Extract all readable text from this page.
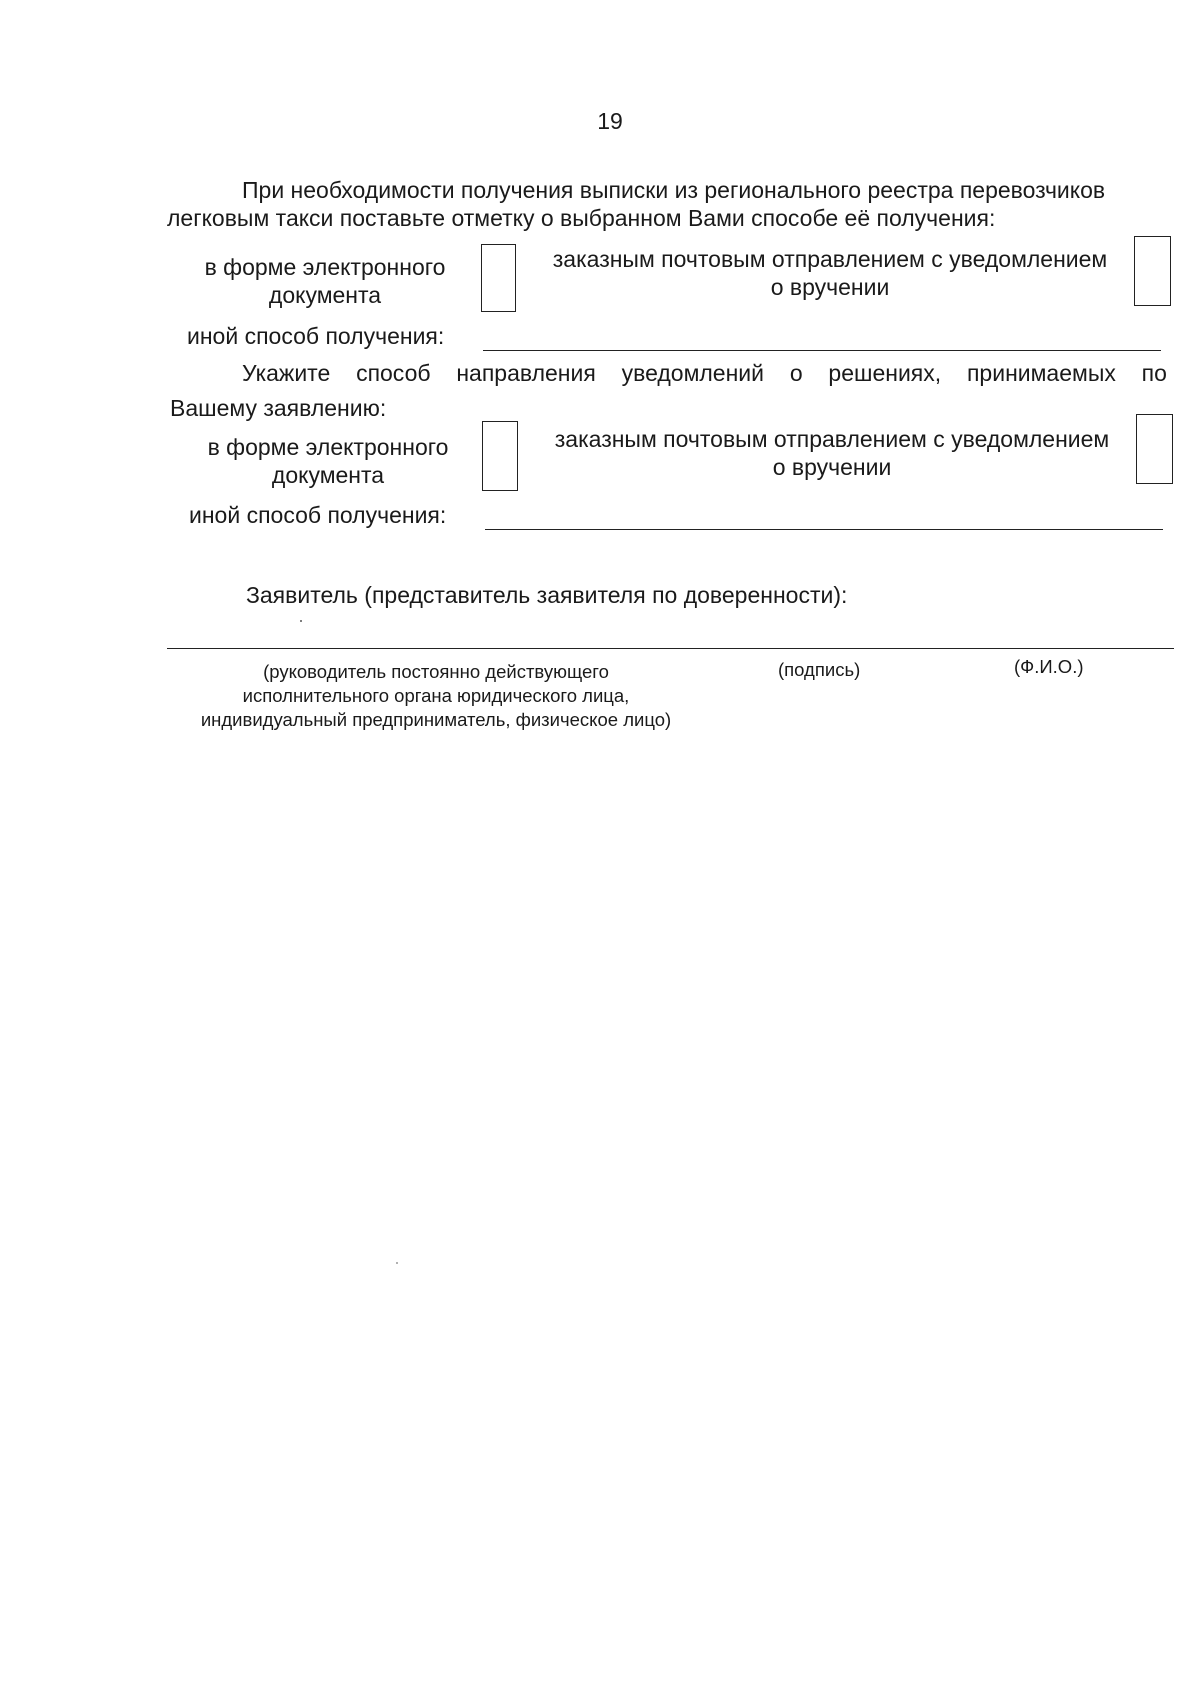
19
При необходимости получения выписки из регионального реестра перевозчиков
легковым такси поставьте отметку о выбранном Вами способе её получения:
в форме электронного
документа
заказным почтовым отправлением с уведомлением
о вручении
иной способ получения:
Укажите способ направления уведомлений о решениях, принимаемых по
Вашему заявлению:
в форме электронного
документа
заказным почтовым отправлением с уведомлением
о вручении
иной способ получения:
Заявитель (представитель заявителя по доверенности):
(руководитель постоянно действующего
исполнительного органа юридического лица,
индивидуальный предприниматель, физическое лицо)
(подпись)	(Ф.И.О.)
